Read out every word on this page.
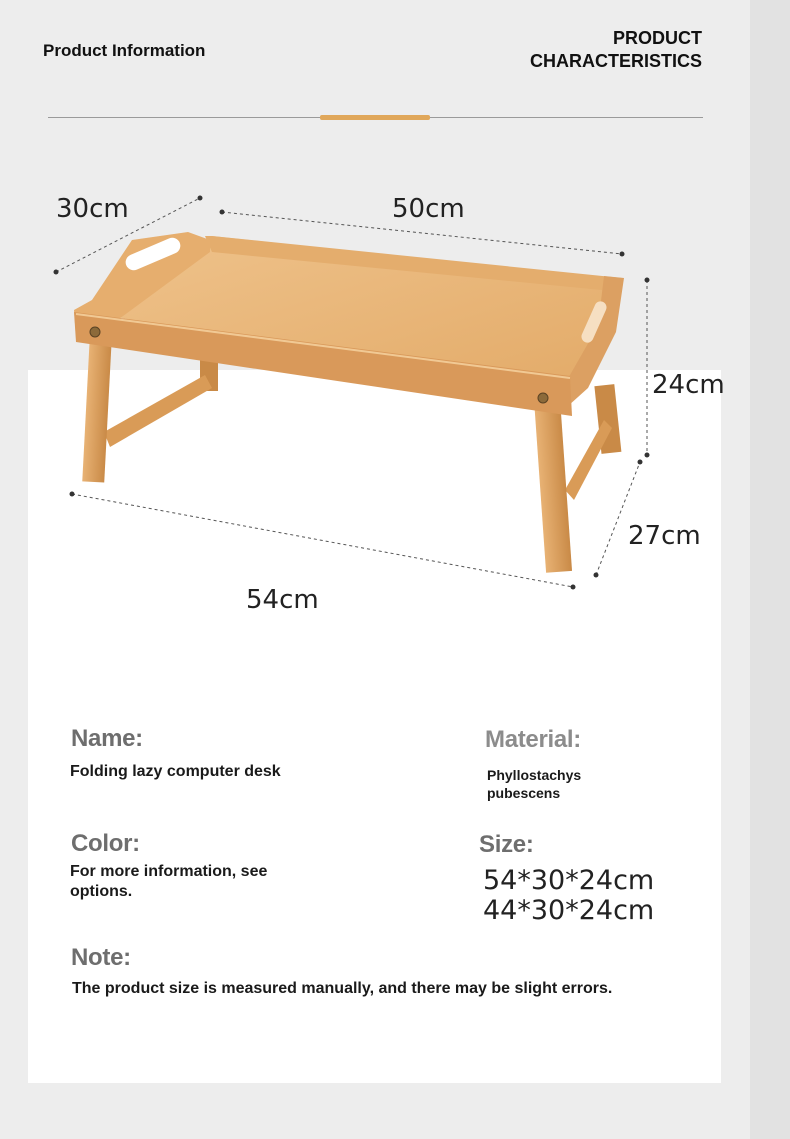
Product Information
PRODUCT
CHARACTERISTICS
30cm	50cm
24cm
27cm
54cm
Name:
Folding lazy computer desk
Material:
Phyllostachys pubescens
Color:
For more information, see options.
Size:
54*30*24cm
44*30*24cm
Note:
The product size is measured manually, and there may be slight errors.
